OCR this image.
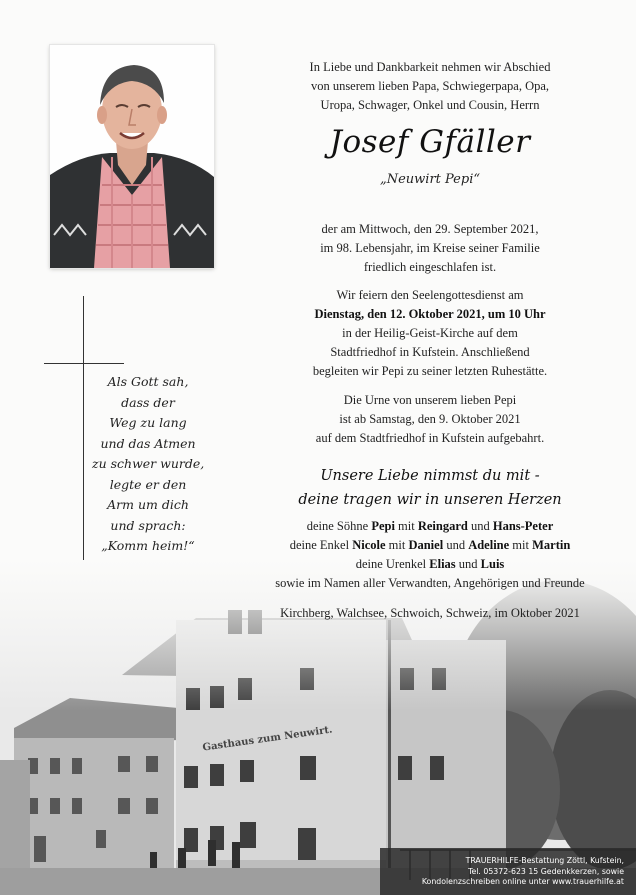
Als Gott sah,
dass der
Weg zu lang
und das Atmen
zu schwer wurde,
legte er den
Arm um dich
und sprach:
„Komm heim!“
In Liebe und Dankbarkeit nehmen wir Abschied
von unserem lieben Papa, Schwiegerpapa, Opa,
Uropa, Schwager, Onkel und Cousin, Herrn
Josef Gfäller
„Neuwirt Pepi“
der am Mittwoch, den 29. September 2021,
im 98. Lebensjahr, im Kreise seiner Familie
friedlich eingeschlafen ist.
Wir feiern den Seelengottesdienst am
Dienstag, den 12. Oktober 2021, um 10 Uhr
in der Heilig-Geist-Kirche auf dem
Stadtfriedhof in Kufstein. Anschließend
begleiten wir Pepi zu seiner letzten Ruhestätte.
Die Urne von unserem lieben Pepi
ist ab Samstag, den 9. Oktober 2021
auf dem Stadtfriedhof in Kufstein aufgebahrt.
Unsere Liebe nimmst du mit -
deine tragen wir in unseren Herzen
deine Söhne Pepi mit Reingard und Hans-Peter
deine Enkel Nicole mit Daniel und Adeline mit Martin
deine Urenkel Elias und Luis
sowie im Namen aller Verwandten, Angehörigen und Freunde
Kirchberg, Walchsee, Schwoich, Schweiz, im Oktober 2021
TRAUERHILFE-Bestattung Zöttl, Kufstein,
Tel. 05372-623 15 Gedenkkerzen, sowie
Kondolenzschreiben online unter www.trauerhilfe.at
